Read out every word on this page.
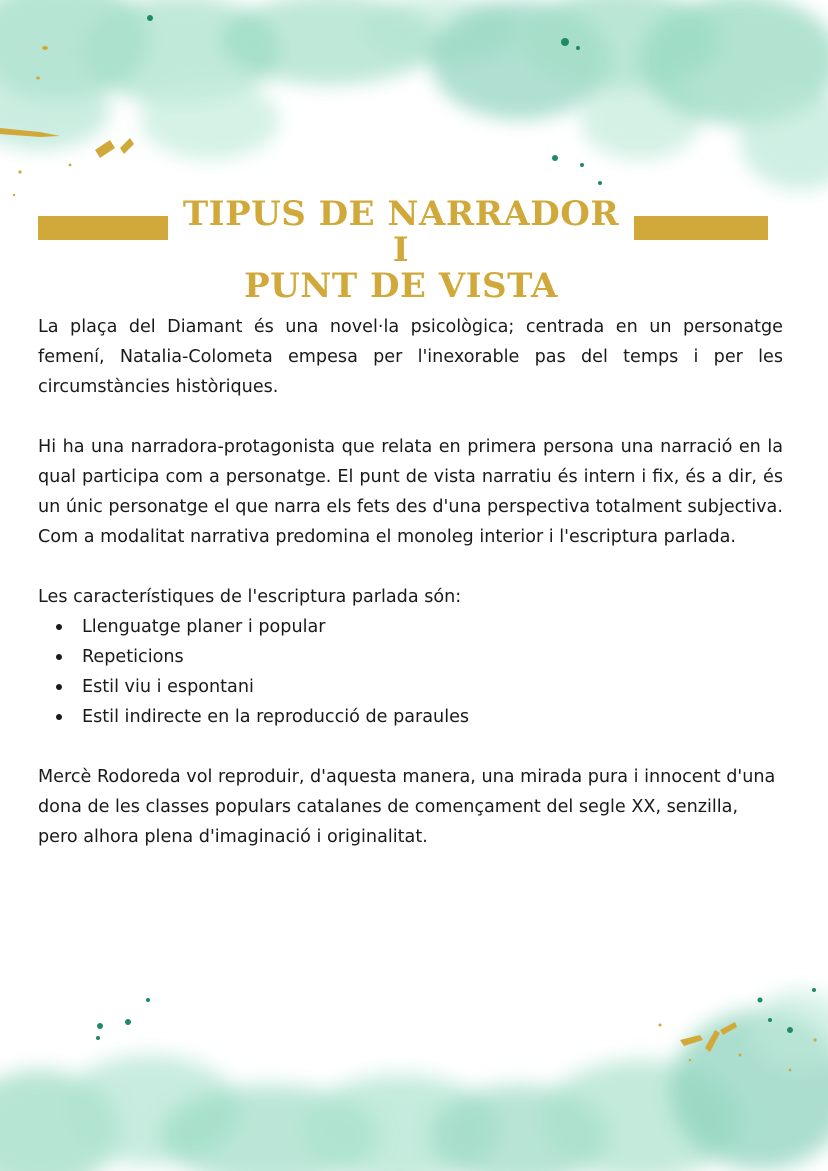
TIPUS DE NARRADOR I
PUNT DE VISTA

La plaça del Diamant és una novel·la psicològica; centrada en un personatge femení, Natalia-Colometa empesa per l'inexorable pas del temps i per les circumstàncies històriques.

Hi ha una narradora-protagonista que relata en primera persona una narració en la qual participa com a personatge. El punt de vista narratiu és intern i fix, és a dir, és un únic personatge el que narra els fets des d'una perspectiva totalment subjectiva.

Com a modalitat narrativa predomina el monoleg interior i l'escriptura parlada.

Les característiques de l'escriptura parlada són:

Llenguatge planer i popular
Repeticions
Estil viu i espontani
Estil indirecte en la reproducció de paraules

Mercè Rodoreda vol reproduir, d'aquesta manera, una mirada pura i innocent d'una

dona de les classes populars catalanes de començament del segle XX, senzilla,

pero alhora plena d'imaginació i originalitat.
